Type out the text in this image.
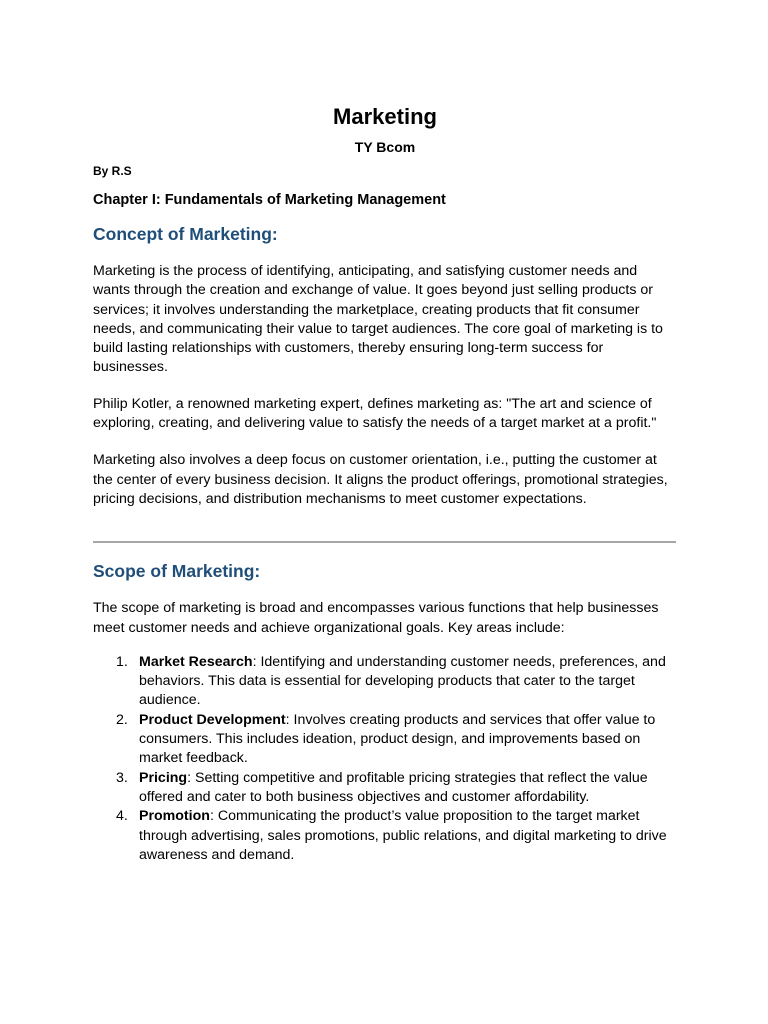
Marketing

TY Bcom

By R.S

Chapter I: Fundamentals of Marketing Management

Concept of Marketing:

Marketing is the process of identifying, anticipating, and satisfying customer needs and wants through the creation and exchange of value. It goes beyond just selling products or services; it involves understanding the marketplace, creating products that fit consumer needs, and communicating their value to target audiences. The core goal of marketing is to build lasting relationships with customers, thereby ensuring long-term success for businesses.

Philip Kotler, a renowned marketing expert, defines marketing as: "The art and science of exploring, creating, and delivering value to satisfy the needs of a target market at a profit."

Marketing also involves a deep focus on customer orientation, i.e., putting the customer at the center of every business decision. It aligns the product offerings, promotional strategies, pricing decisions, and distribution mechanisms to meet customer expectations.

Scope of Marketing:

The scope of marketing is broad and encompasses various functions that help businesses meet customer needs and achieve organizational goals. Key areas include:

1. Market Research: Identifying and understanding customer needs, preferences, and behaviors. This data is essential for developing products that cater to the target audience.
2. Product Development: Involves creating products and services that offer value to consumers. This includes ideation, product design, and improvements based on market feedback.
3. Pricing: Setting competitive and profitable pricing strategies that reflect the value offered and cater to both business objectives and customer affordability.
4. Promotion: Communicating the product’s value proposition to the target market through advertising, sales promotions, public relations, and digital marketing to drive awareness and demand.
